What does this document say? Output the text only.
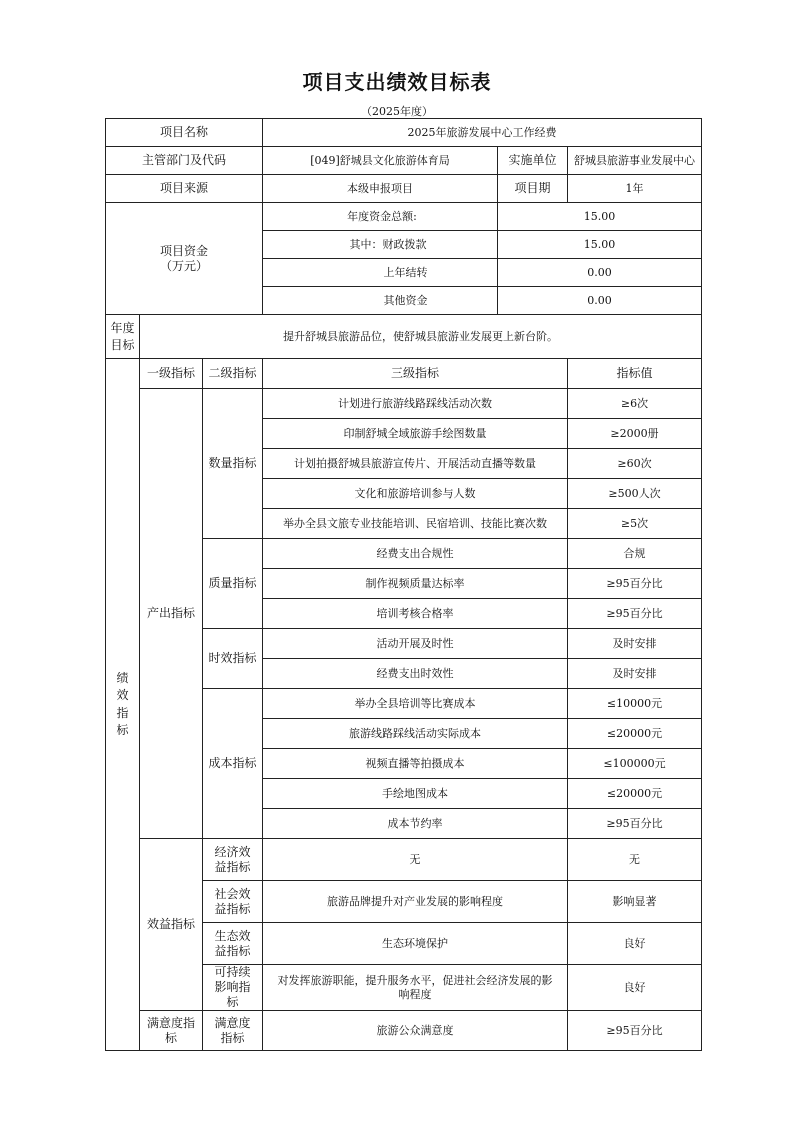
项目支出绩效目标表
（2025年度）
项目名称			2025年旅游发展中心工作经费		
主管部门及代码			[049]舒城县文化旅游体育局	实施单位	舒城县旅游事业发展中心
项目来源			本级申报项目	项目期	1年
项目资金
（万元）			年度资金总额:	15.00	
			其中：财政拨款	15.00	
			上年结转	0.00	
			其他资金	0.00	
年度目标	提升舒城县旅游品位，使舒城县旅游业发展更上新台阶。				
绩效指标	一级指标	二级指标	三级指标		指标值
	产出指标	数量指标	计划进行旅游线路踩线活动次数		≥6次
			印制舒城全域旅游手绘图数量		≥2000册
			计划拍摄舒城县旅游宣传片、开展活动直播等数量		≥60次
			文化和旅游培训参与人数		≥500人次
			举办全县文旅专业技能培训、民宿培训、技能比赛次数		≥5次
		质量指标	经费支出合规性		合规
			制作视频质量达标率		≥95百分比
			培训考核合格率		≥95百分比
		时效指标	活动开展及时性		及时安排
			经费支出时效性		及时安排
		成本指标	举办全县培训等比赛成本		≤10000元
			旅游线路踩线活动实际成本		≤20000元
			视频直播等拍摄成本		≤100000元
			手绘地图成本		≤20000元
			成本节约率		≥95百分比
	效益指标	经济效益指标	无		无
		社会效益指标	旅游品牌提升对产业发展的影响程度		影响显著
		生态效益指标	生态环境保护		良好
		可持续影响指标	对发挥旅游职能，提升服务水平，促进社会经济发展的影响程度		良好
	满意度指标	满意度指标	旅游公众满意度		≥95百分比
